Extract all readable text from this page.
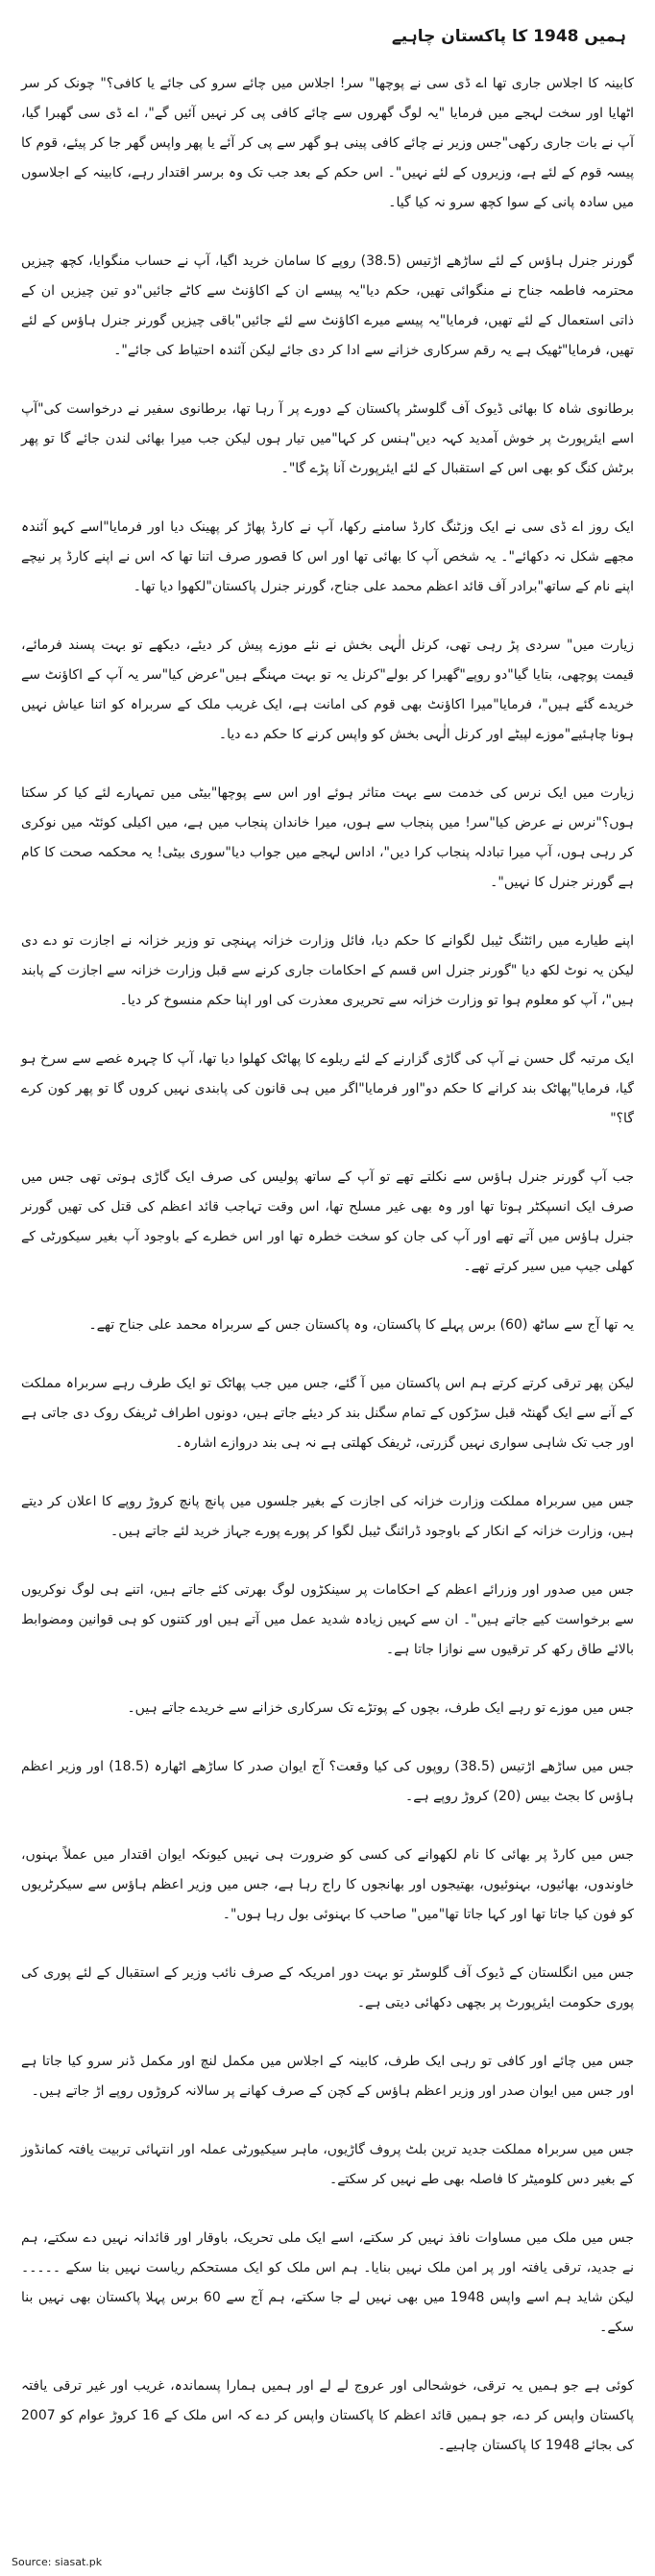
ہمیں 1948 کا پاکستان چاہیے

کابینہ کا اجلاس جاری تھا اے ڈی سی نے پوچھا" سر! اجلاس میں چائے سرو کی جائے یا کافی؟" چونک کر سر اٹھایا اور سخت لہجے میں فرمایا "یہ لوگ گھروں سے چائے کافی پی کر نہیں آئیں گے"، اے ڈی سی گھبرا گیا، آپ نے بات جاری رکھی"جس وزیر نے چائے کافی پینی ہو گھر سے پی کر آئے یا پھر واپس گھر جا کر پیئے، قوم کا پیسہ قوم کے لئے ہے، وزیروں کے لئے نہیں"۔ اس حکم کے بعد جب تک وہ برسر اقتدار رہے، کابینہ کے اجلاسوں میں سادہ پانی کے سوا کچھ سرو نہ کیا گیا۔

گورنر جنرل ہاؤس کے لئے ساڑھے اڑتیس (38.5) روپے کا سامان خرید اگیا، آپ نے حساب منگوایا، کچھ چیزیں محترمہ فاطمہ جناح نے منگوائی تھیں، حکم دیا"یہ پیسے ان کے اکاؤنٹ سے کاٹے جائیں"دو تین چیزیں ان کے ذاتی استعمال کے لئے تھیں، فرمایا"یہ پیسے میرے اکاؤنٹ سے لئے جائیں"باقی چیزیں گورنر جنرل ہاؤس کے لئے تھیں، فرمایا"ٹھیک ہے یہ رقم سرکاری خزانے سے ادا کر دی جائے لیکن آئندہ احتیاط کی جائے"۔

برطانوی شاہ کا بھائی ڈیوک آف گلوسٹر پاکستان کے دورے پر آ رہا تھا، برطانوی سفیر نے درخواست کی"آپ اسے ایئرپورٹ پر خوش آمدید کہہ دیں"ہنس کر کہا"میں تیار ہوں لیکن جب میرا بھائی لندن جائے گا تو پھر برٹش کنگ کو بھی اس کے استقبال کے لئے ایئرپورٹ آنا پڑے گا"۔

ایک روز اے ڈی سی نے ایک وزٹنگ کارڈ سامنے رکھا، آپ نے کارڈ پھاڑ کر پھینک دیا اور فرمایا"اسے کہو آئندہ مجھے شکل نہ دکھائے"۔ یہ شخص آپ کا بھائی تھا اور اس کا قصور صرف اتنا تھا کہ اس نے اپنے کارڈ پر نیچے اپنے نام کے ساتھ"برادر آف قائد اعظم محمد علی جناح، گورنر جنرل پاکستان"لکھوا دیا تھا۔

زیارت میں" سردی پڑ رہی تھی، کرنل الٰہی بخش نے نئے موزے پیش کر دیئے، دیکھے تو بہت پسند فرمائے، قیمت پوچھی، بتایا گیا"دو روپے"گھبرا کر بولے"کرنل یہ تو بہت مہنگے ہیں"عرض کیا"سر یہ آپ کے اکاؤنٹ سے خریدے گئے ہیں"، فرمایا"میرا اکاؤنٹ بھی قوم کی امانت ہے، ایک غریب ملک کے سربراہ کو اتنا عیاش نہیں ہونا چاہئیے"موزے لپیٹے اور کرنل الٰہی بخش کو واپس کرنے کا حکم دے دیا۔

زیارت میں ایک نرس کی خدمت سے بہت متاثر ہوئے اور اس سے پوچھا"بیٹی میں تمہارے لئے کیا کر سکتا ہوں؟"نرس نے عرض کیا"سر! میں پنجاب سے ہوں، میرا خاندان پنجاب میں ہے، میں اکیلی کوئٹہ میں نوکری کر رہی ہوں، آپ میرا تبادلہ پنجاب کرا دیں"، اداس لہجے میں جواب دیا"سوری بیٹی! یہ محکمہ صحت کا کام ہے گورنر جنرل کا نہیں"۔

اپنے طیارے میں رائٹنگ ٹیبل لگوانے کا حکم دیا، فائل وزارت خزانہ پہنچی تو وزیر خزانہ نے اجازت تو دے دی لیکن یہ نوٹ لکھ دیا "گورنر جنرل اس قسم کے احکامات جاری کرنے سے قبل وزارت خزانہ سے اجازت کے پابند ہیں"، آپ کو معلوم ہوا تو وزارت خزانہ سے تحریری معذرت کی اور اپنا حکم منسوخ کر دیا۔

ایک مرتبہ گل حسن نے آپ کی گاڑی گزارنے کے لئے ریلوے کا پھاٹک کھلوا دیا تھا، آپ کا چہرہ غصے سے سرخ ہو گیا، فرمایا"پھاٹک بند کرانے کا حکم دو"اور فرمایا"اگر میں ہی قانون کی پابندی نہیں کروں گا تو پھر کون کرے گا؟"

جب آپ گورنر جنرل ہاؤس سے نکلتے تھے تو آپ کے ساتھ پولیس کی صرف ایک گاڑی ہوتی تھی جس میں صرف ایک انسپکٹر ہوتا تھا اور وہ بھی غیر مسلح تھا، اس وقت تہاجب قائد اعظم کی قتل کی تھیں گورنر جنرل ہاؤس میں آتے تھے اور آپ کی جان کو سخت خطرہ تھا اور اس خطرے کے باوجود آپ بغیر سیکورٹی کے کھلی جیپ میں سیر کرتے تھے۔

یہ تھا آج سے ساٹھ (60) برس پہلے کا پاکستان، وہ پاکستان جس کے سربراہ محمد علی جناح تھے۔

لیکن پھر ترقی کرتے کرتے ہم اس پاکستان میں آ گئے، جس میں جب پھاٹک تو ایک طرف رہے سربراہ مملکت کے آنے سے ایک گھنٹہ قبل سڑکوں کے تمام سگنل بند کر دیئے جاتے ہیں، دونوں اطراف ٹریفک روک دی جاتی ہے اور جب تک شاہی سواری نہیں گزرتی، ٹریفک کھلتی ہے نہ ہی بند دروازے اشارہ۔

جس میں سربراہ مملکت وزارت خزانہ کی اجازت کے بغیر جلسوں میں پانچ پانچ کروڑ روپے کا اعلان کر دیتے ہیں، وزارت خزانہ کے انکار کے باوجود ڈرائنگ ٹیبل لگوا کر پورے پورے جہاز خرید لئے جاتے ہیں۔

جس میں صدور اور وزرائے اعظم کے احکامات پر سینکڑوں لوگ بھرتی کئے جاتے ہیں، اتنے ہی لوگ نوکریوں سے برخواست کیے جاتے ہیں"۔ ان سے کہیں زیادہ شدید عمل میں آتے ہیں اور کتنوں کو ہی قوانین ومضوابط بالائے طاق رکھ کر ترقیوں سے نوازا جاتا ہے۔

جس میں موزے تو رہے ایک طرف، بچوں کے پوتڑے تک سرکاری خزانے سے خریدے جاتے ہیں۔

جس میں ساڑھے اڑتیس (38.5) روپوں کی کیا وقعت؟ آج ایوان صدر کا ساڑھے اٹھارہ (18.5) اور وزیر اعظم ہاؤس کا بجٹ بیس (20) کروڑ روپے ہے۔

جس میں کارڈ پر بھائی کا نام لکھوانے کی کسی کو ضرورت ہی نہیں کیونکہ ایوان اقتدار میں عملاً بہنوں، خاوندوں، بھائیوں، بہنوئیوں، بھتیجوں اور بھانجوں کا راج رہا ہے، جس میں وزیر اعظم ہاؤس سے سیکرٹریوں کو فون کیا جاتا تھا اور کہا جاتا تھا"میں" صاحب کا بہنوئی بول رہا ہوں"۔

جس میں انگلستان کے ڈیوک آف گلوسٹر تو بہت دور امریکہ کے صرف نائب وزیر کے استقبال کے لئے پوری کی پوری حکومت ایئرپورٹ پر بچھی دکھائی دیتی ہے۔

جس میں چائے اور کافی تو رہی ایک طرف، کابینہ کے اجلاس میں مکمل لنچ اور مکمل ڈنر سرو کیا جاتا ہے اور جس میں ایوان صدر اور وزیر اعظم ہاؤس کے کچن کے صرف کھانے پر سالانہ کروڑوں روپے اڑ جاتے ہیں۔

جس میں سربراہ مملکت جدید ترین بلٹ پروف گاڑیوں، ماہر سیکیورٹی عملہ اور انتہائی تربیت یافتہ کمانڈوز کے بغیر دس کلومیٹر کا فاصلہ بھی طے نہیں کر سکتے۔

جس میں ملک میں مساوات نافذ نہیں کر سکتے، اسے ایک ملی تحریک، باوقار اور قائدانہ نہیں دے سکتے، ہم نے جدید، ترقی یافتہ اور پر امن ملک نہیں بنایا۔ ہم اس ملک کو ایک مستحکم ریاست نہیں بنا سکے ۔۔۔۔۔ لیکن شاید ہم اسے واپس 1948 میں بھی نہیں لے جا سکتے، ہم آج سے 60 برس پہلا پاکستان بھی نہیں بنا سکے۔

کوئی ہے جو ہمیں یہ ترقی، خوشحالی اور عروج لے لے اور ہمیں ہمارا پسماندہ، غریب اور غیر ترقی یافتہ پاکستان واپس کر دے، جو ہمیں قائد اعظم کا پاکستان واپس کر دے کہ اس ملک کے 16 کروڑ عوام کو 2007 کی بجائے 1948 کا پاکستان چاہیے۔

Source: siasat.pk
